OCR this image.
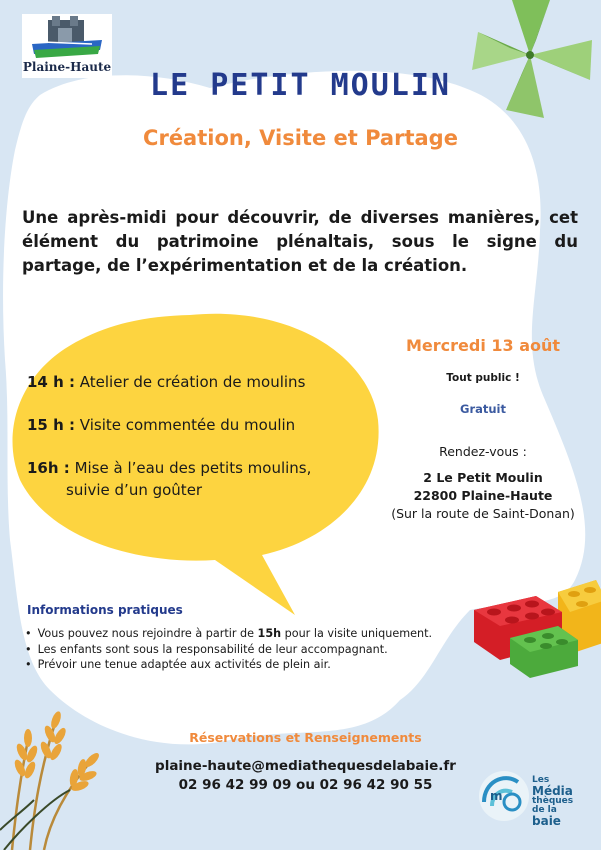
Plaine-Haute
LE PETIT MOULIN
Création, Visite et Partage
Une après-midi pour découvrir, de diverses manières, cet élément du patrimoine plénaltais, sous le signe du partage, de l’expérimentation et de la création.
14 h : Atelier de création de moulins
15 h : Visite commentée du moulin
16h : Mise à l’eau des petits moulins,
suivie d’un goûter
Mercredi 13 août
Tout public !
Gratuit
Rendez-vous :
2 Le Petit Moulin
22800 Plaine-Haute
(Sur la route de Saint-Donan)
Informations pratiques
• Vous pouvez nous rejoindre à partir de 15h pour la visite uniquement.
• Les enfants sont sous la responsabilité de leur accompagnant.
• Prévoir une tenue adaptée aux activités de plein air.
Réservations et Renseignements
plaine-haute@mediathequesdelabaie.fr
02 96 42 99 09 ou 02 96 42 90 55
m
Les
Média
thèques
de la
baie
